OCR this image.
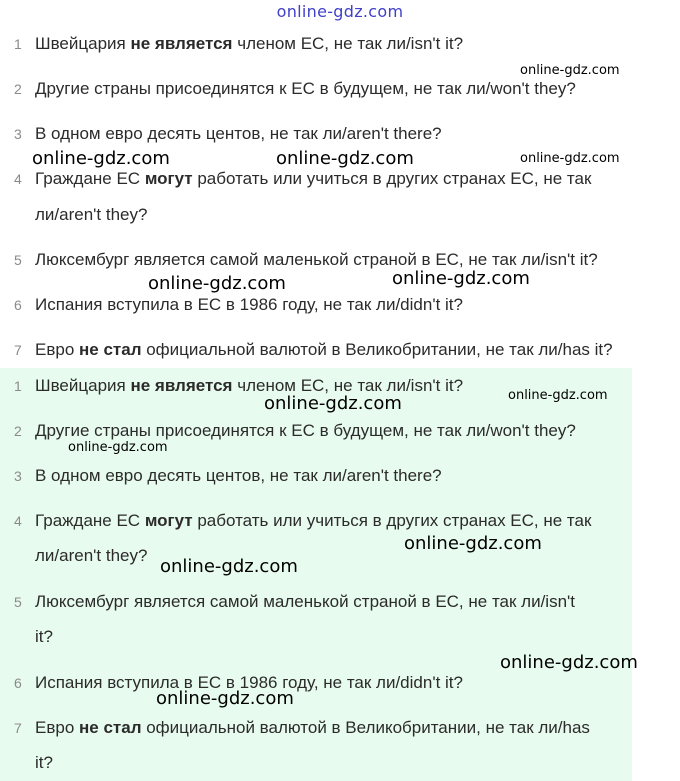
online-gdz.com
1 Швейцария не является членом ЕС, не так ли/isn't it?
2 Другие страны присоединятся к ЕС в будущем, не так ли/won't they?
3 В одном евро десять центов, не так ли/aren't there?
4 Граждане ЕС могут работать или учиться в других странах ЕС, не так
ли/aren't they?
5 Люксембург является самой маленькой страной в ЕС, не так ли/isn't it?
6 Испания вступила в ЕС в 1986 году, не так ли/didn't it?
7 Евро не стал официальной валютой в Великобритании, не так ли/has it?
1 Швейцария не является членом ЕС, не так ли/isn't it?
2 Другие страны присоединятся к ЕС в будущем, не так ли/won't they?
3 В одном евро десять центов, не так ли/aren't there?
4 Граждане ЕС могут работать или учиться в других странах ЕС, не так
ли/aren't they?
5 Люксембург является самой маленькой страной в ЕС, не так ли/isn't
it?
6 Испания вступила в ЕС в 1986 году, не так ли/didn't it?
7 Евро не стал официальной валютой в Великобритании, не так ли/has
it?
online-gdz.com
online-gdz.com	online-gdz.com	online-gdz.com
online-gdz.com	online-gdz.com
online-gdz.com	online-gdz.com
online-gdz.com
online-gdz.com
online-gdz.com
online-gdz.com
online-gdz.com
